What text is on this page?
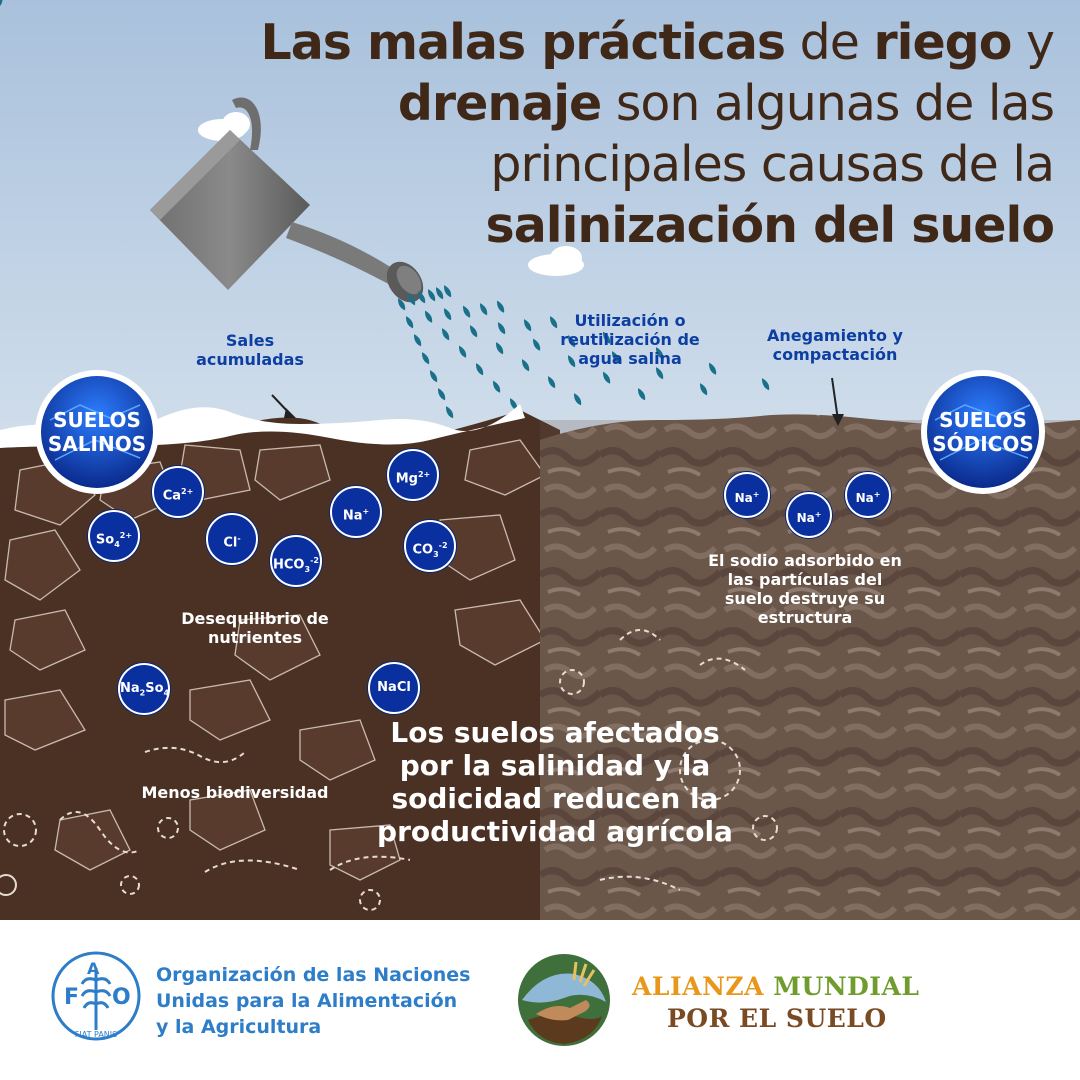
Las malas prácticas de riego y
drenaje son algunas de las
principales causas de la
salinización del suelo
Sales acumuladas
Utilización o reutilización de agua salina
Anegamiento y compactación
Desequilibrio de nutrientes
Menos biodiversidad
El sodio adsorbido en las partículas del suelo destruye su estructura
Los suelos afectados por la salinidad y la sodicidad reducen la productividad agrícola
SUELOS SALINOS
SUELOS SÓDICOS
$Ca^{2+}$
$Mg^{2+}$
$So_4^{2+}$	Cl-
Na+
$HCO_3^{-2}$
$CO_3^{-2}$
$Na_2So_4$	NaCl
Na+
Na+
Na+
F
A
O
FIAT PANIS
Organización de las Naciones
Unidas para la Alimentación
y la Agricultura
ALIANZA MUNDIAL
POR EL SUELO
